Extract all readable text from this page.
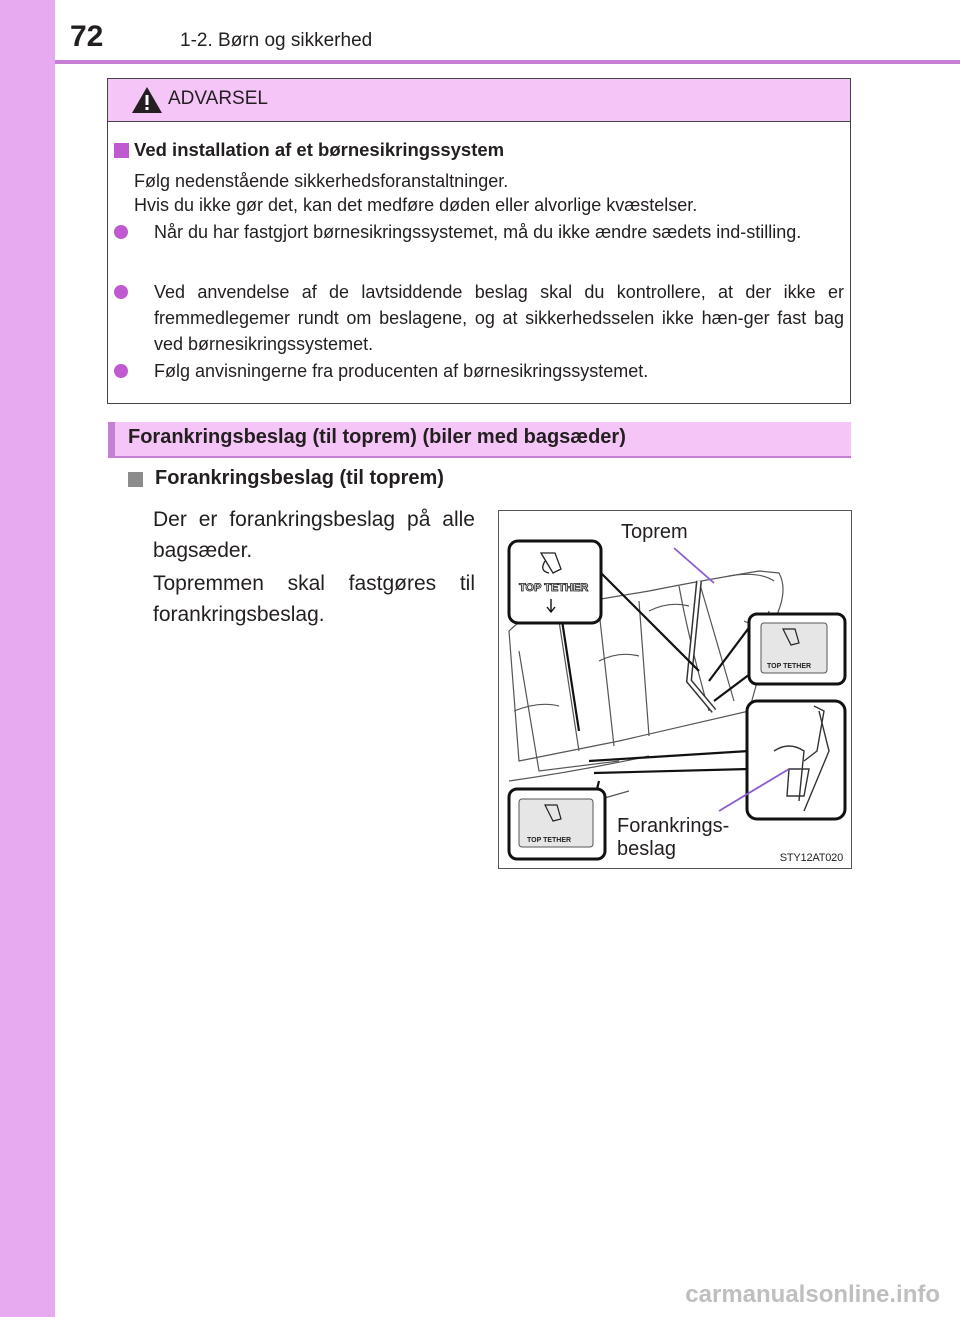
72	1-2. Børn og sikkerhed
ADVARSEL
Ved installation af et børnesikringssystem
Følg nedenstående sikkerhedsforanstaltninger.
Hvis du ikke gør det, kan det medføre døden eller alvorlige kvæstelser.
Når du har fastgjort børnesikringssystemet, må du ikke ændre sædets ind-stilling.
Ved anvendelse af de lavtsiddende beslag skal du kontrollere, at der ikke er fremmedlegemer rundt om beslagene, og at sikkerhedsselen ikke hæn-ger fast bag ved børnesikringssystemet.
Følg anvisningerne fra producenten af børnesikringssystemet.
Forankringsbeslag (til toprem) (biler med bagsæder)
Forankringsbeslag (til toprem)
Der er forankringsbeslag på alle bagsæder.
Topremmen skal fastgøres til forankringsbeslag.
TOP TETHER
TOP TETHER
TOP TETHER
Toprem
Forankrings-
beslag	STY12AT020
carmanualsonline.info
